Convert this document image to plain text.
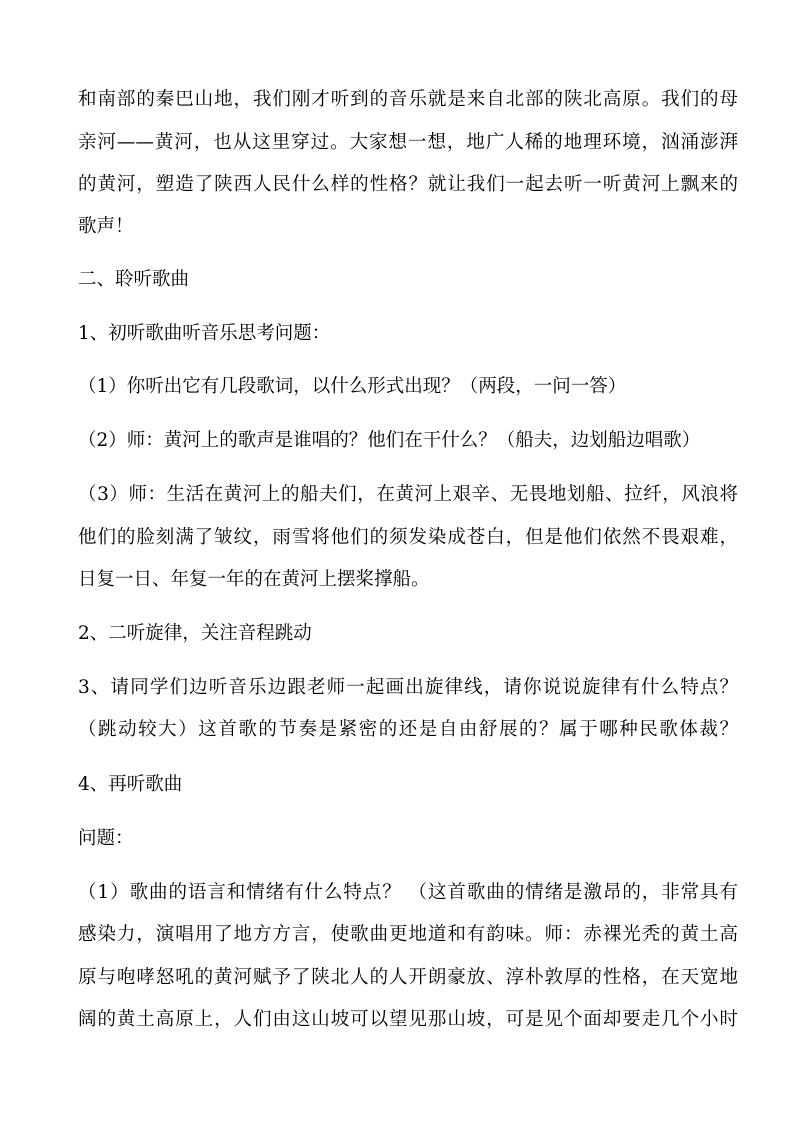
和南部的秦巴山地，我们刚才听到的音乐就是来自北部的陕北高原。我们的母
亲河——黄河，也从这里穿过。大家想一想，地广人稀的地理环境，汹涌澎湃
的黄河，塑造了陕西人民什么样的性格？就让我们一起去听一听黄河上飘来的
歌声！
二、聆听歌曲
1、初听歌曲听音乐思考问题：
（1）你听出它有几段歌词，以什么形式出现？（两段，一问一答）
（2）师：黄河上的歌声是谁唱的？他们在干什么？（船夫，边划船边唱歌）
（3）师：生活在黄河上的船夫们，在黄河上艰辛、无畏地划船、拉纤，风浪将
他们的脸刻满了皱纹，雨雪将他们的须发染成苍白，但是他们依然不畏艰难，
日复一日、年复一年的在黄河上摆桨撑船。
2、二听旋律，关注音程跳动
3、请同学们边听音乐边跟老师一起画出旋律线，请你说说旋律有什么特点？
（跳动较大）这首歌的节奏是紧密的还是自由舒展的？属于哪种民歌体裁？
4、再听歌曲
问题：
（1）歌曲的语言和情绪有什么特点？ （这首歌曲的情绪是激昂的，非常具有
感染力，演唱用了地方方言，使歌曲更地道和有韵味。师：赤裸光秃的黄土高
原与咆哮怒吼的黄河赋予了陕北人的人开朗豪放、淳朴敦厚的性格，在天宽地
阔的黄土高原上，人们由这山坡可以望见那山坡，可是见个面却要走几个小时
